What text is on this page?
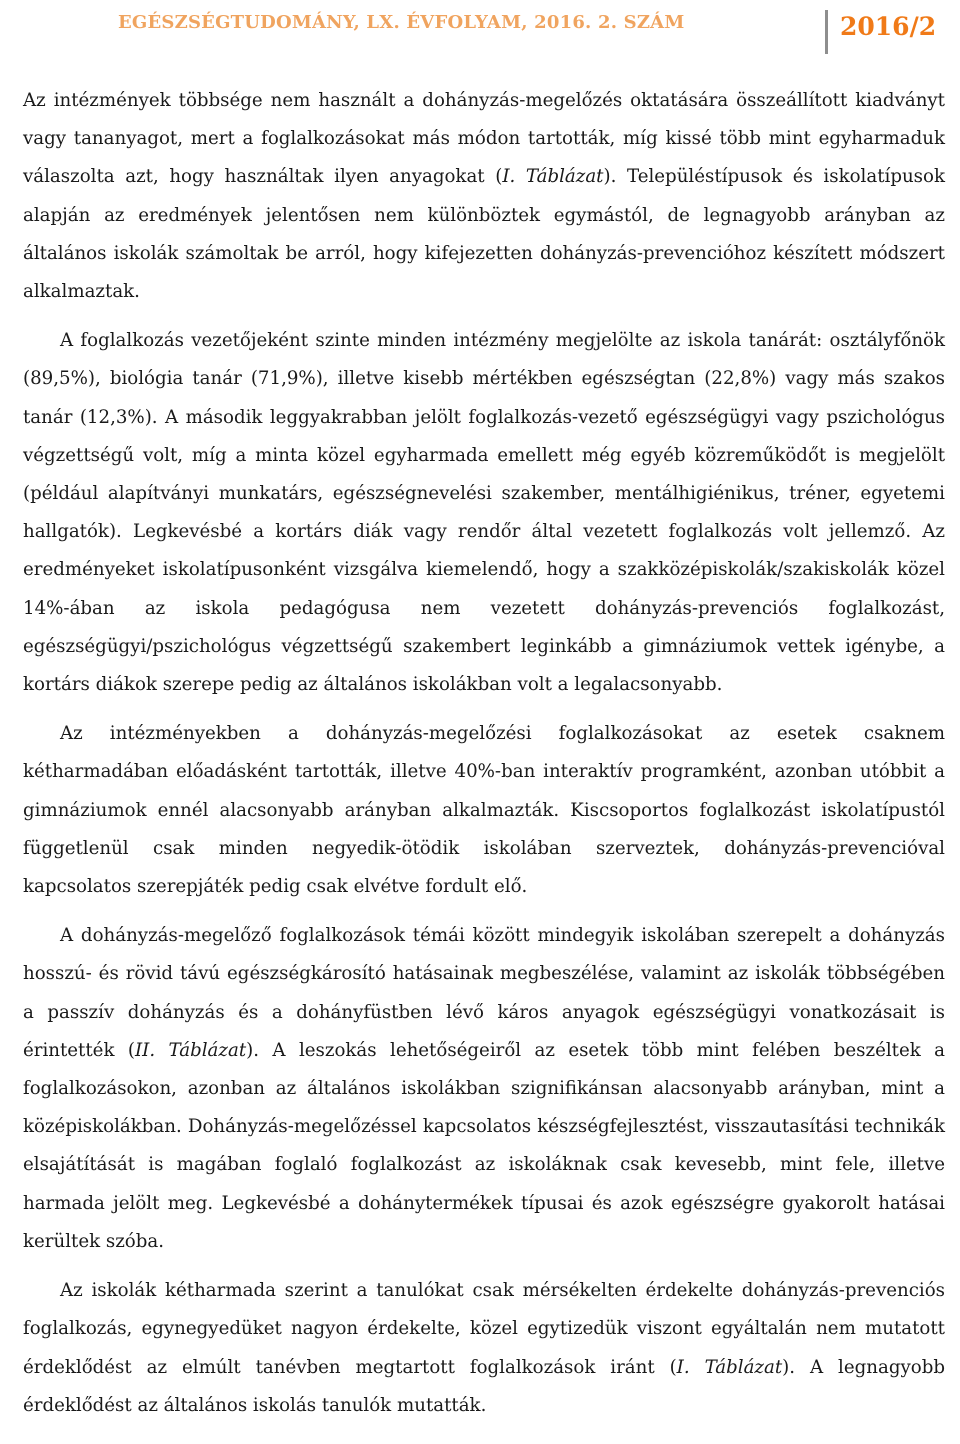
EGÉSZSÉGTUDOMÁNY, LX. ÉVFOLYAM, 2016. 2. SZÁM	2016/2

Az intézmények többsége nem használt a dohányzás-megelőzés oktatására összeállított kiadványt vagy tananyagot, mert a foglalkozásokat más módon tartották, míg kissé több mint egyharmaduk válaszolta azt, hogy használtak ilyen anyagokat (I. Táblázat). Településtípusok és iskolatípusok alapján az eredmények jelentősen nem különböztek egymástól, de legnagyobb arányban az általános iskolák számoltak be arról, hogy kifejezetten dohányzás-prevencióhoz készített módszert alkalmaztak.

A foglalkozás vezetőjeként szinte minden intézmény megjelölte az iskola tanárát: osztályfőnök (89,5%), biológia tanár (71,9%), illetve kisebb mértékben egészségtan (22,8%) vagy más szakos tanár (12,3%). A második leggyakrabban jelölt foglalkozás-vezető egészségügyi vagy pszichológus végzettségű volt, míg a minta közel egyharmada emellett még egyéb közreműködőt is megjelölt (például alapítványi munkatárs, egészségnevelési szakember, mentálhigiénikus, tréner, egyetemi hallgatók). Legkevésbé a kortárs diák vagy rendőr által vezetett foglalkozás volt jellemző. Az eredményeket iskolatípusonként vizsgálva kiemelendő, hogy a szakközépiskolák/szakiskolák közel 14%-ában az iskola pedagógusa nem vezetett dohányzás-prevenciós foglalkozást, egészségügyi/pszichológus végzettségű szakembert leginkább a gimnáziumok vettek igénybe, a kortárs diákok szerepe pedig az általános iskolákban volt a legalacsonyabb.

Az intézményekben a dohányzás-megelőzési foglalkozásokat az esetek csaknem kétharmadában előadásként tartották, illetve 40%-ban interaktív programként, azonban utóbbit a gimnáziumok ennél alacsonyabb arányban alkalmazták. Kiscsoportos foglalkozást iskolatípustól függetlenül csak minden negyedik-ötödik iskolában szerveztek, dohányzás-prevencióval kapcsolatos szerepjáték pedig csak elvétve fordult elő.

A dohányzás-megelőző foglalkozások témái között mindegyik iskolában szerepelt a dohányzás hosszú- és rövid távú egészségkárosító hatásainak megbeszélése, valamint az iskolák többségében a passzív dohányzás és a dohányfüstben lévő káros anyagok egészségügyi vonatkozásait is érintették (II. Táblázat). A leszokás lehetőségeiről az esetek több mint felében beszéltek a foglalkozásokon, azonban az általános iskolákban szignifikánsan alacsonyabb arányban, mint a középiskolákban. Dohányzás-megelőzéssel kapcsolatos készségfejlesztést, visszautasítási technikák elsajátítását is magában foglaló foglalkozást az iskoláknak csak kevesebb, mint fele, illetve harmada jelölt meg. Legkevésbé a dohánytermékek típusai és azok egészségre gyakorolt hatásai kerültek szóba.

Az iskolák kétharmada szerint a tanulókat csak mérsékelten érdekelte dohányzás-prevenciós foglalkozás, egynegyedüket nagyon érdekelte, közel egytizedük viszont egyáltalán nem mutatott érdeklődést az elmúlt tanévben megtartott foglalkozások iránt (I. Táblázat). A legnagyobb érdeklődést az általános iskolás tanulók mutatták.
